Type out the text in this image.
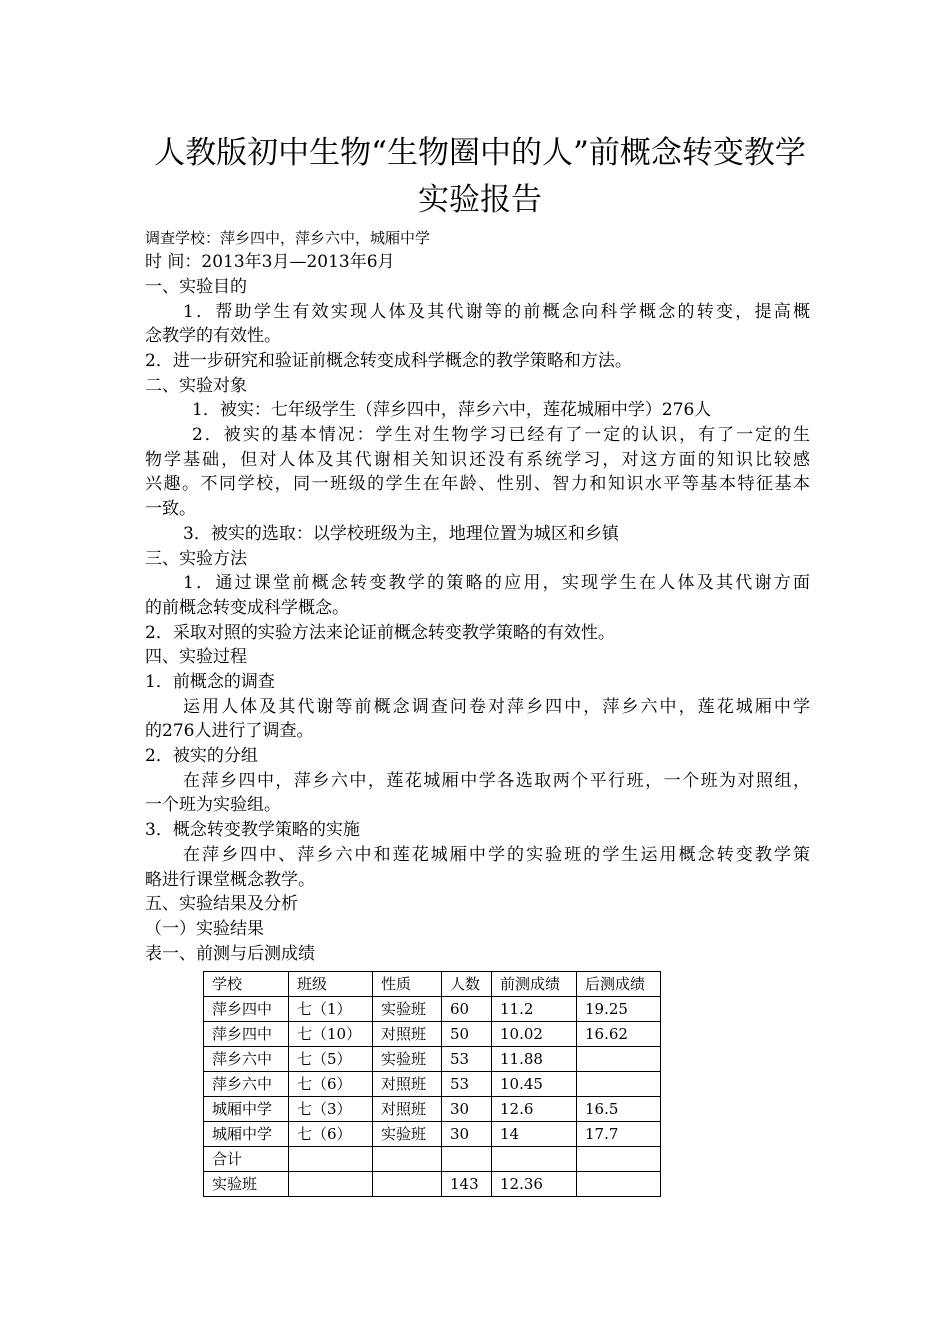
人教版初中生物“生物圈中的人”前概念转变教学
实验报告
调查学校：萍乡四中，萍乡六中，城厢中学
时 间：2013年3月—2013年6月
一、实验目的
1．帮助学生有效实现人体及其代谢等的前概念向科学概念的转变，提高概
念教学的有效性。
2．进一步研究和验证前概念转变成科学概念的教学策略和方法。
二、实验对象
1．被实：七年级学生（萍乡四中，萍乡六中，莲花城厢中学）276人
2．被实的基本情况：学生对生物学习已经有了一定的认识，有了一定的生
物学基础，但对人体及其代谢相关知识还没有系统学习，对这方面的知识比较感
兴趣。不同学校，同一班级的学生在年龄、性别、智力和知识水平等基本特征基本
一致。
3．被实的选取：以学校班级为主，地理位置为城区和乡镇
三、实验方法
1．通过课堂前概念转变教学的策略的应用，实现学生在人体及其代谢方面
的前概念转变成科学概念。
2．采取对照的实验方法来论证前概念转变教学策略的有效性。
四、实验过程
1．前概念的调查
运用人体及其代谢等前概念调查问卷对萍乡四中，萍乡六中，莲花城厢中学
的276人进行了调查。
2．被实的分组
在萍乡四中，萍乡六中，莲花城厢中学各选取两个平行班，一个班为对照组，
一个班为实验组。
3．概念转变教学策略的实施
在萍乡四中、萍乡六中和莲花城厢中学的实验班的学生运用概念转变教学策
略进行课堂概念教学。
五、实验结果及分析
（一）实验结果
表一、前测与后测成绩
学校	班级	性质	人数	前测成绩	后测成绩
萍乡四中	七（1）	实验班	60	11.2	19.25
萍乡四中	七（10）	对照班	50	10.02	16.62
萍乡六中	七（5）	实验班	53	11.88	
萍乡六中	七（6）	对照班	53	10.45	
城厢中学	七（3）	对照班	30	12.6	16.5
城厢中学	七（6）	实验班	30	14	17.7
合计					
实验班			143	12.36	
